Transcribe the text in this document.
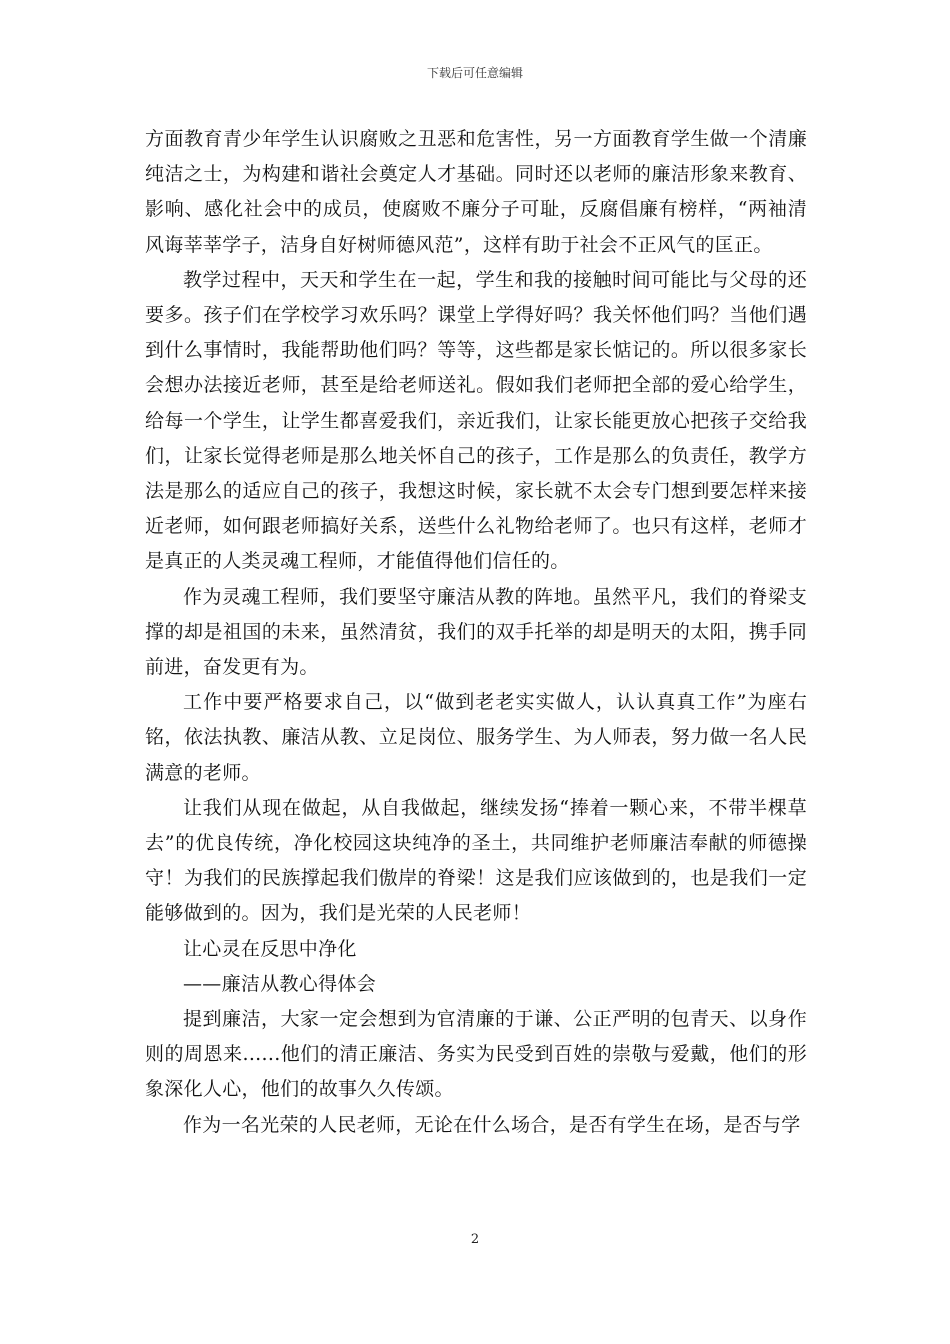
下载后可任意编辑

方面教育青少年学生认识腐败之丑恶和危害性，另一方面教育学生做一个清廉纯洁之士，为构建和谐社会奠定人才基础。同时还以老师的廉洁形象来教育、影响、感化社会中的成员，使腐败不廉分子可耻，反腐倡廉有榜样，“两袖清风诲莘莘学子，洁身自好树师德风范”，这样有助于社会不正风气的匡正。

教学过程中，天天和学生在一起，学生和我的接触时间可能比与父母的还要多。孩子们在学校学习欢乐吗？课堂上学得好吗？我关怀他们吗？当他们遇到什么事情时，我能帮助他们吗？等等，这些都是家长惦记的。所以很多家长会想办法接近老师，甚至是给老师送礼。假如我们老师把全部的爱心给学生，给每一个学生，让学生都喜爱我们，亲近我们，让家长能更放心把孩子交给我们，让家长觉得老师是那么地关怀自己的孩子，工作是那么的负责任，教学方法是那么的适应自己的孩子，我想这时候，家长就不太会专门想到要怎样来接近老师，如何跟老师搞好关系，送些什么礼物给老师了。也只有这样，老师才是真正的人类灵魂工程师，才能值得他们信任的。

作为灵魂工程师，我们要坚守廉洁从教的阵地。虽然平凡，我们的脊梁支撑的却是祖国的未来，虽然清贫，我们的双手托举的却是明天的太阳，携手同前进，奋发更有为。

工作中要严格要求自己，以“做到老老实实做人，认认真真工作”为座右铭，依法执教、廉洁从教、立足岗位、服务学生、为人师表，努力做一名人民满意的老师。

让我们从现在做起，从自我做起，继续发扬“捧着一颗心来，不带半棵草去”的优良传统，净化校园这块纯净的圣土，共同维护老师廉洁奉献的师德操守！为我们的民族撑起我们傲岸的脊梁！这是我们应该做到的，也是我们一定能够做到的。因为，我们是光荣的人民老师！

让心灵在反思中净化

——廉洁从教心得体会

提到廉洁，大家一定会想到为官清廉的于谦、公正严明的包青天、以身作则的周恩来......他们的清正廉洁、务实为民受到百姓的崇敬与爱戴，他们的形象深化人心，他们的故事久久传颂。

作为一名光荣的人民老师，无论在什么场合，是否有学生在场，是否与学

2
